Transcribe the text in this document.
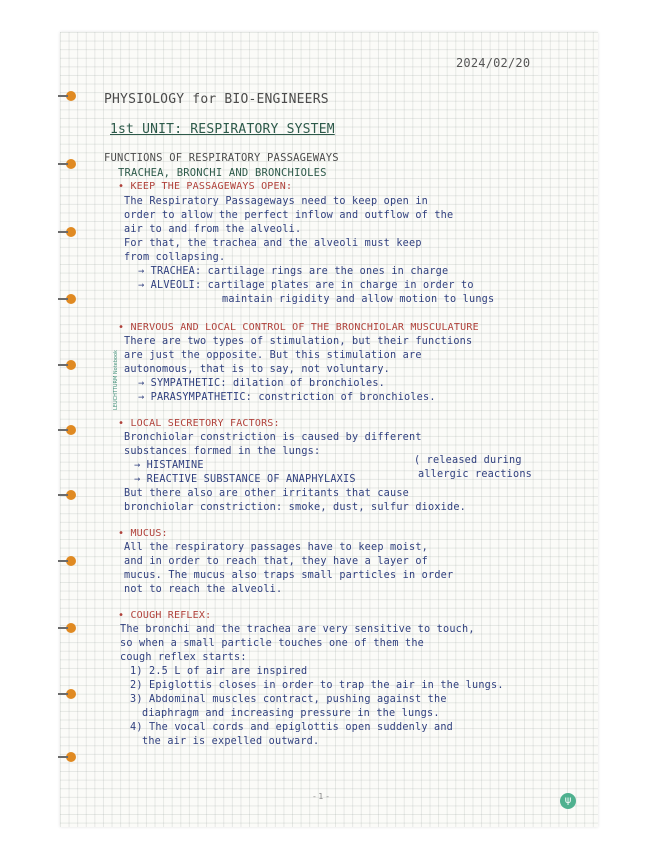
2024/02/20
PHYSIOLOGY for BIO-ENGINEERS
1st UNIT: RESPIRATORY SYSTEM
FUNCTIONS OF RESPIRATORY PASSAGEWAYS
TRACHEA, BRONCHI AND BRONCHIOLES
• KEEP THE PASSAGEWAYS OPEN:
The Respiratory Passageways need to keep open in
order to allow the perfect inflow and outflow of the
air to and from the alveoli.
For that, the trachea and the alveoli must keep
from collapsing.
→ TRACHEA: cartilage rings are the ones in charge
→ ALVEOLI: cartilage plates are in charge in order to
maintain rigidity and allow motion to lungs
• NERVOUS AND LOCAL CONTROL OF THE BRONCHIOLAR MUSCULATURE
There are two types of stimulation, but their functions
are just the opposite. But this stimulation are
autonomous, that is to say, not voluntary.
→ SYMPATHETIC: dilation of bronchioles.
→ PARASYMPATHETIC: constriction of bronchioles.
• LOCAL SECRETORY FACTORS:
Bronchiolar constriction is caused by different
substances formed in the lungs:
→ HISTAMINE
→ REACTIVE SUBSTANCE OF ANAPHYLAXIS
( released during
allergic reactions
But there also are other irritants that cause
bronchiolar constriction: smoke, dust, sulfur dioxide.
• MUCUS:
All the respiratory passages have to keep moist,
and in order to reach that, they have a layer of
mucus. The mucus also traps small particles in order
not to reach the alveoli.
• COUGH REFLEX:
The bronchi and the trachea are very sensitive to touch,
so when a small particle touches one of them the
cough reflex starts:
1) 2.5 L of air are inspired
2) Epiglottis closes in order to trap the air in the lungs.
3) Abdominal muscles contract, pushing against the
diaphragm and increasing pressure in the lungs.
4) The vocal cords and epiglottis open suddenly and
the air is expelled outward.
LEUCHTTURM Notebook
- 1 -	ψ
